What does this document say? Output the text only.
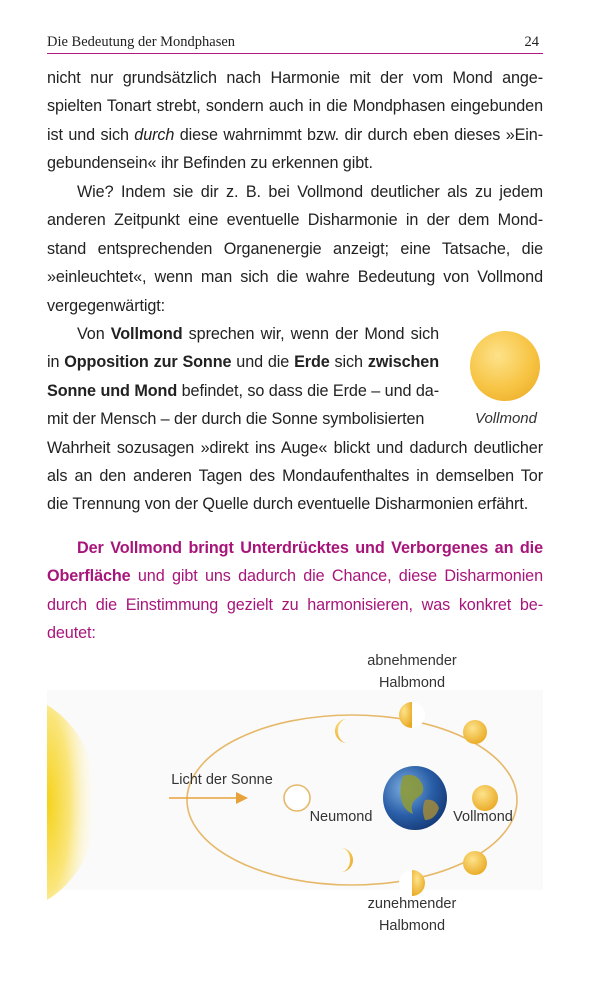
Die Bedeutung der Mondphasen	24
nicht nur grundsätzlich nach Harmonie mit der vom Mond ange-spielten Tonart strebt, sondern auch in die Mondphasen eingebunden ist und sich durch diese wahrnimmt bzw. dir durch eben dieses »Ein-gebundensein« ihr Befinden zu erkennen gibt.
Wie? Indem sie dir z. B. bei Vollmond deutlicher als zu jedem anderen Zeitpunkt eine eventuelle Disharmonie in der dem Mond-stand entsprechenden Organenergie anzeigt; eine Tatsache, die »einleuchtet«, wenn man sich die wahre Bedeutung von Vollmond vergegenwärtigt:
Von Vollmond sprechen wir, wenn der Mond sich in Opposition zur Sonne und die Erde sich zwischen Sonne und Mond befindet, so dass die Erde – und da-mit der Mensch – der durch die Sonne symbolisierten
Wahrheit sozusagen »direkt ins Auge« blickt und dadurch deutlicher als an den anderen Tagen des Mondaufenthaltes in demselben Tor die Trennung von der Quelle durch eventuelle Disharmonien erfährt.
Vollmond
Der Vollmond bringt Unterdrücktes und Verborgenes an die Oberfläche und gibt uns dadurch die Chance, diese Disharmonien durch die Einstimmung gezielt zu harmonisieren, was konkret be-deutet:
abnehmender
Halbmond
zunehmender
Halbmond
Licht der Sonne
Neumond	Vollmond
